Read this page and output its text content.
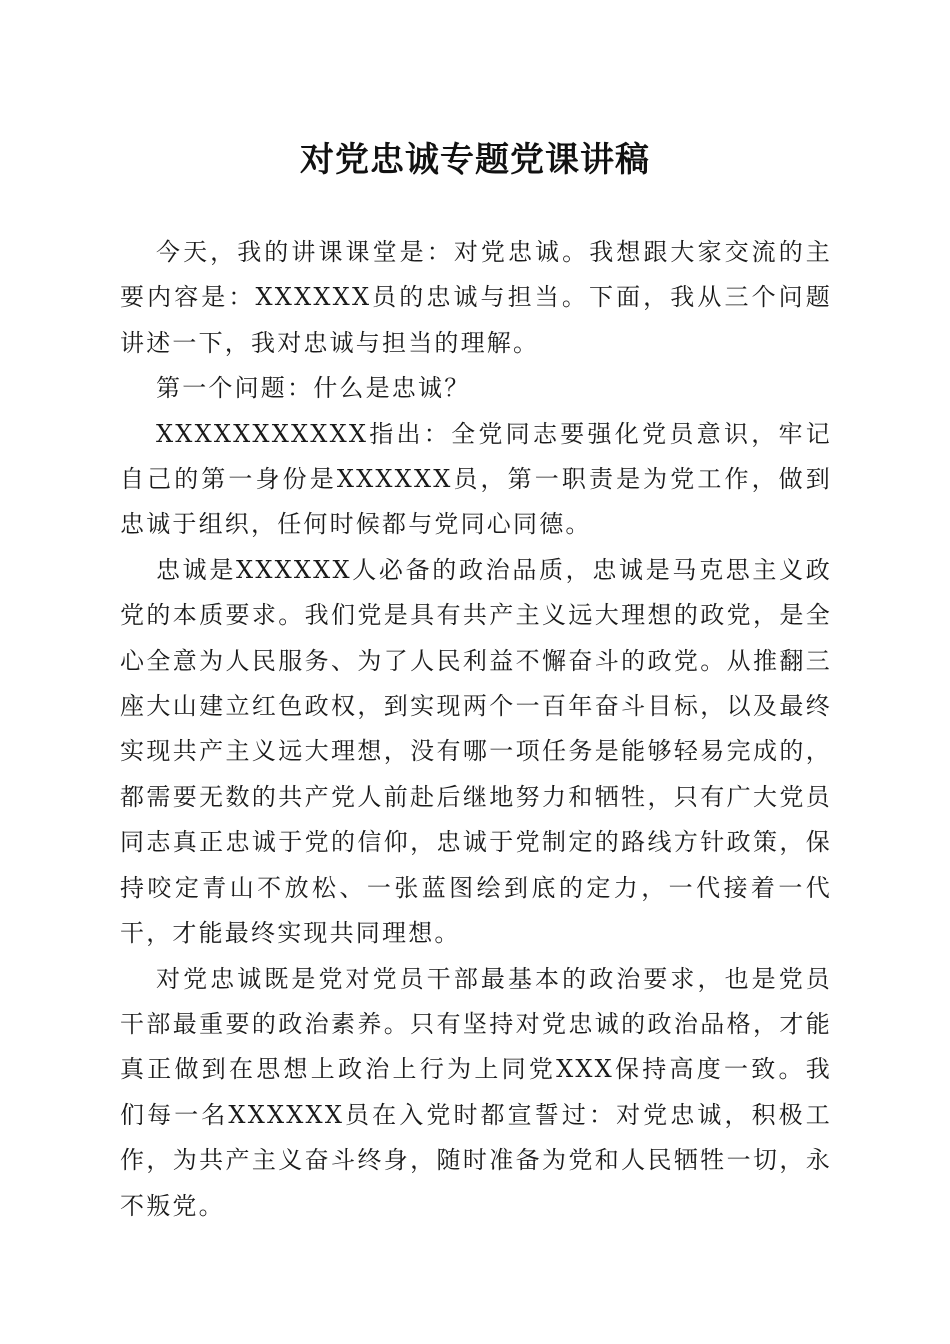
对党忠诚专题党课讲稿

今天，我的讲课课堂是：对党忠诚。我想跟大家交流的主要内容是：XXXXXX员的忠诚与担当。下面，我从三个问题讲述一下，我对忠诚与担当的理解。

第一个问题：什么是忠诚？

XXXXXXXXXXX指出：全党同志要强化党员意识，牢记自己的第一身份是XXXXXX员，第一职责是为党工作，做到忠诚于组织，任何时候都与党同心同德。

忠诚是XXXXXX人必备的政治品质，忠诚是马克思主义政党的本质要求。我们党是具有共产主义远大理想的政党，是全心全意为人民服务、为了人民利益不懈奋斗的政党。从推翻三座大山建立红色政权，到实现两个一百年奋斗目标，以及最终实现共产主义远大理想，没有哪一项任务是能够轻易完成的，都需要无数的共产党人前赴后继地努力和牺牲，只有广大党员同志真正忠诚于党的信仰，忠诚于党制定的路线方针政策，保持咬定青山不放松、一张蓝图绘到底的定力，一代接着一代干，才能最终实现共同理想。

对党忠诚既是党对党员干部最基本的政治要求，也是党员干部最重要的政治素养。只有坚持对党忠诚的政治品格，才能真正做到在思想上政治上行为上同党XXX保持高度一致。我们每一名XXXXXX员在入党时都宣誓过：对党忠诚，积极工作，为共产主义奋斗终身，随时准备为党和人民牺牲一切，永不叛党。
